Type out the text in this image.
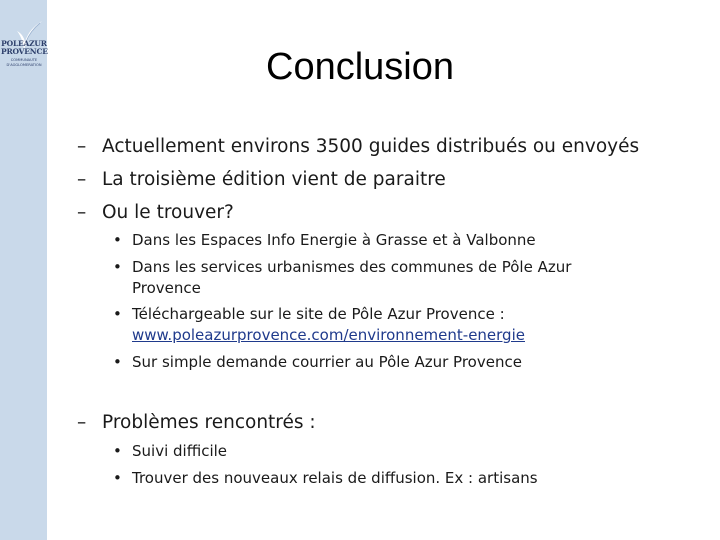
POLEAZUR
PROVENCE
COMMUNAUTE
D'AGGLOMERATION	Conclusion
– Actuellement environs 3500 guides distribués ou envoyés
– La troisième édition vient de paraitre
– Ou le trouver?
• Dans les Espaces Info Energie à Grasse et à Valbonne
• Dans les services urbanismes des communes de Pôle Azur
Provence
• Téléchargeable sur le site de Pôle Azur Provence :
www.poleazurprovence.com/environnement-energie
• Sur simple demande courrier au Pôle Azur Provence
– Problèmes rencontrés :
• Suivi difficile
• Trouver des nouveaux relais de diffusion. Ex : artisans
